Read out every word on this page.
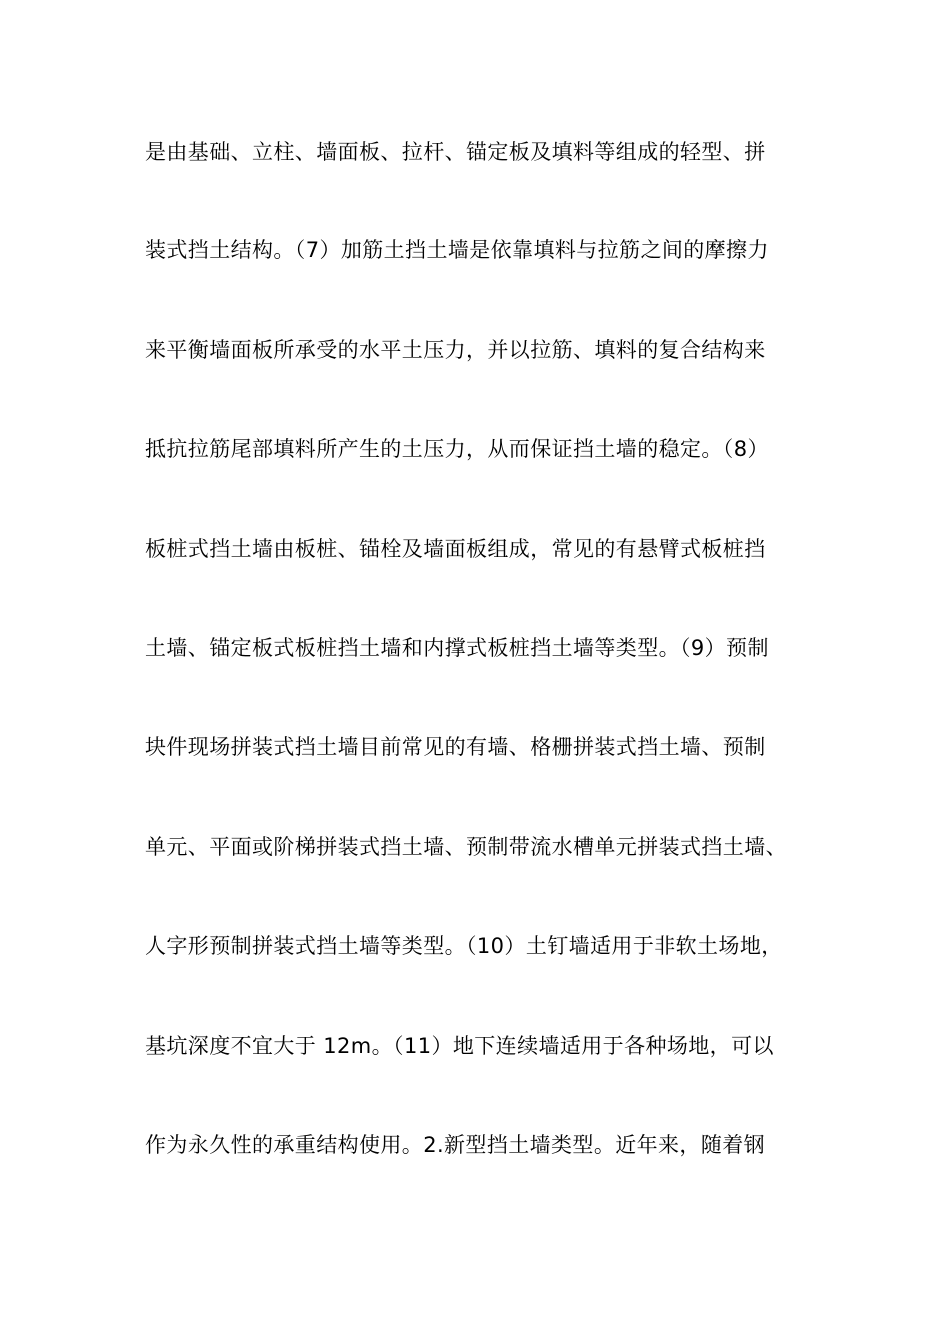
是由基础、立柱、墙面板、拉杆、锚定板及填料等组成的轻型、拼

装式挡土结构。（7）加筋土挡土墙是依靠填料与拉筋之间的摩擦力

来平衡墙面板所承受的水平土压力，并以拉筋、填料的复合结构来

抵抗拉筋尾部填料所产生的土压力，从而保证挡土墙的稳定。（8）

板桩式挡土墙由板桩、锚栓及墙面板组成，常见的有悬臂式板桩挡

土墙、锚定板式板桩挡土墙和内撑式板桩挡土墙等类型。（9）预制

块件现场拼装式挡土墙目前常见的有墙、格栅拼装式挡土墙、预制

单元、平面或阶梯拼装式挡土墙、预制带流水槽单元拼装式挡土墙、

人字形预制拼装式挡土墙等类型。（10）土钉墙适用于非软土场地，

基坑深度不宜大于 12m。（11）地下连续墙适用于各种场地，可以

作为永久性的承重结构使用。2.新型挡土墙类型。近年来，随着钢
